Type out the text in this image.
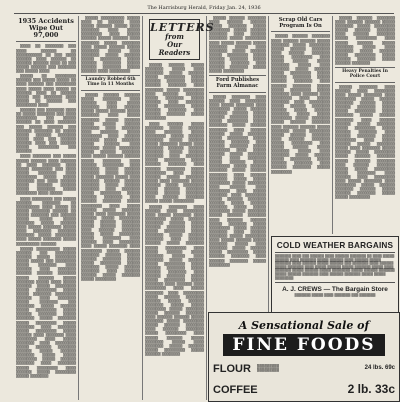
The Harrisburg Herald, Friday Jan. 24, 1936
1935 Accidents Wipe Out 97,000

▒▒▒▒ ▒▒ ▒▒▒▒▒▒▒ ▒▒▒ ▒▒▒▒ ▒▒▒▒▒▒ ▒▒ ▒▒▒▒▒▒▒▒▒▒ ▒▒ ▒▒▒ ▒▒▒▒ ▒▒▒▒▒▒ ▒▒▒▒ ▒▒▒▒▒▒ ▒▒ ▒▒▒▒▒▒ ▒▒▒▒▒▒ ▒▒▒▒ ▒▒ ▒▒▒ ▒▒▒▒▒ ▒▒▒▒▒▒ ▒▒▒ ▒▒▒▒▒▒▒ ▒▒▒ ▒▒▒▒▒ ▒▒▒▒

▒▒▒▒▒ ▒▒ ▒▒▒▒▒▒▒▒ ▒▒▒▒▒▒ ▒▒▒ ▒▒▒▒▒ ▒▒▒▒▒ ▒▒ ▒▒▒▒ ▒▒▒▒▒▒ ▒▒▒ ▒▒▒▒▒▒▒▒ ▒▒▒▒ ▒▒▒▒▒ ▒▒▒▒ ▒▒▒▒▒ ▒▒ ▒▒▒▒▒▒ ▒▒▒▒ ▒▒ ▒▒▒▒▒▒ ▒▒▒▒▒ ▒▒▒ ▒▒▒▒▒▒▒ ▒▒▒▒ ▒▒▒▒▒ ▒▒ ▒▒▒▒▒▒ ▒▒▒ ▒▒▒▒▒▒▒▒ ▒▒▒▒

▒▒▒▒▒▒ ▒▒▒ ▒▒▒▒▒▒▒ ▒▒▒▒ ▒▒ ▒▒▒▒▒ ▒▒▒▒▒▒▒ ▒▒▒ ▒▒▒▒ ▒▒▒▒▒▒▒▒ ▒▒▒ ▒▒▒▒▒ ▒▒▒▒▒▒ ▒▒ ▒▒▒▒ ▒▒▒▒▒▒▒ ▒▒▒ ▒▒▒▒▒ ▒▒▒▒▒▒ ▒▒▒ ▒▒▒▒▒▒ ▒▒▒▒▒▒▒ ▒▒ ▒▒▒▒▒ ▒▒▒▒▒ ▒▒▒▒▒▒ ▒▒▒▒▒▒▒ ▒▒▒▒▒ ▒▒▒▒ ▒▒▒ ▒▒▒▒▒▒ ▒▒▒▒▒▒ ▒▒▒▒ ▒▒▒ ▒▒▒▒▒▒ ▒▒▒▒▒ ▒▒▒▒▒▒▒▒ ▒▒▒ ▒▒▒▒▒▒

▒▒▒▒ ▒▒▒▒▒▒▒ ▒▒▒ ▒▒▒▒▒ ▒▒▒▒▒ ▒▒▒▒▒▒ ▒▒▒▒ ▒▒▒▒▒▒ ▒▒ ▒▒▒▒ ▒▒▒▒▒▒▒ ▒▒▒▒ ▒▒▒▒▒ ▒▒▒▒▒▒▒▒ ▒▒▒ ▒▒▒▒ ▒▒▒▒▒ ▒▒▒▒▒▒▒ ▒▒▒▒ ▒▒▒▒▒▒▒▒ ▒▒▒▒▒ ▒▒▒▒▒ ▒▒▒▒▒▒▒ ▒▒▒ ▒▒▒▒ ▒▒▒▒▒▒ ▒▒▒▒▒ ▒▒▒▒▒▒ ▒▒▒▒▒▒ ▒▒▒▒▒ ▒▒▒▒▒▒▒ ▒▒▒▒▒ ▒▒▒▒▒▒▒▒ ▒▒▒▒ ▒▒▒▒▒

▒▒▒▒ ▒▒▒▒▒▒▒▒ ▒▒▒ ▒▒▒▒▒ ▒▒▒▒▒▒ ▒▒▒▒▒▒▒ ▒▒ ▒▒▒▒▒▒▒▒▒ ▒▒▒▒ ▒▒▒▒▒ ▒▒ ▒▒▒▒▒ ▒▒▒▒▒▒▒ ▒▒▒▒▒▒ ▒▒ ▒▒▒▒▒ ▒▒▒▒▒▒▒ ▒▒▒ ▒▒▒▒▒▒ ▒▒▒▒▒ ▒▒▒▒▒ ▒▒▒▒▒ ▒▒▒▒▒▒▒ ▒▒▒▒▒ ▒▒▒▒▒▒ ▒▒▒▒ ▒▒▒▒▒ ▒▒▒▒▒▒▒ ▒▒▒▒▒ ▒▒▒▒ ▒▒▒▒▒▒▒ ▒▒▒▒▒▒▒ ▒▒▒▒▒▒▒ ▒▒▒▒▒ ▒▒▒▒▒▒▒▒ ▒▒▒▒ ▒▒▒▒▒ ▒▒▒▒▒▒▒ ▒▒▒▒▒ ▒▒▒▒▒▒▒▒▒ ▒▒▒▒▒▒

▒▒▒▒▒ ▒▒▒▒▒▒▒▒▒ ▒▒▒▒▒ ▒▒▒▒▒▒ ▒▒▒ ▒▒▒▒▒▒▒▒ ▒▒▒▒▒▒ ▒▒▒▒▒ ▒▒▒▒▒▒▒▒ ▒▒▒▒▒ ▒▒▒▒▒ ▒▒▒ ▒▒▒▒▒▒▒▒ ▒▒▒▒▒ ▒▒▒▒▒▒▒ ▒▒▒▒ ▒▒▒▒▒▒ ▒▒▒▒ ▒▒▒▒▒▒▒ ▒▒▒▒▒▒ ▒▒▒▒▒▒ ▒▒▒▒▒▒▒ ▒▒▒▒▒ ▒▒▒▒▒▒ ▒▒▒▒▒ ▒▒▒▒▒▒▒ ▒▒▒▒▒ ▒▒▒▒ ▒▒▒▒▒ ▒▒▒▒▒▒ ▒▒▒▒▒ ▒▒▒▒▒▒▒▒ ▒▒▒▒▒ ▒▒▒▒▒▒▒▒ ▒▒▒▒▒ ▒▒▒▒▒ ▒▒▒▒▒▒▒ ▒▒▒▒▒▒▒▒ ▒▒▒▒▒▒ ▒▒▒▒ ▒▒▒▒▒▒▒ ▒▒▒▒▒ ▒▒▒▒▒▒▒ ▒▒▒ ▒▒▒▒▒▒▒ ▒▒▒▒▒ ▒▒▒▒▒▒ ▒▒▒▒▒ ▒▒▒▒▒▒▒▒ ▒▒▒▒▒ ▒▒▒▒▒▒ ▒▒▒▒▒▒▒ ▒▒▒▒▒ ▒▒▒▒▒▒▒ ▒▒▒▒▒ ▒▒▒▒▒▒▒ ▒▒▒▒▒ ▒▒▒▒▒▒▒▒ ▒▒▒▒▒ ▒▒▒▒▒▒▒ ▒▒▒▒ ▒▒▒▒▒▒▒ ▒▒▒▒▒ ▒▒▒▒▒▒▒▒ ▒▒▒▒▒ ▒▒▒▒▒▒ ▒▒▒▒ ▒▒▒▒▒▒▒ ▒▒▒▒ ▒▒▒▒▒▒▒▒ ▒▒▒▒ ▒▒▒▒▒ ▒▒▒▒▒▒▒ ▒▒▒▒ ▒▒▒▒▒▒▒▒ ▒▒▒▒▒ ▒▒▒▒▒▒ ▒▒▒▒▒▒▒ ▒▒▒▒▒▒ ▒▒▒▒▒ ▒▒▒▒▒▒ ▒▒▒▒▒▒▒ ▒▒▒▒▒ ▒▒▒▒▒ ▒▒▒▒▒▒▒▒ ▒▒▒▒▒ ▒▒▒▒▒▒ ▒▒▒▒▒▒▒ ▒▒▒▒ ▒▒▒▒▒▒▒ ▒▒▒▒▒ ▒▒▒▒▒▒▒▒ ▒▒▒▒ ▒▒▒▒▒▒ ▒▒▒▒▒ ▒▒▒▒▒▒▒▒ ▒▒▒▒▒ ▒▒▒▒▒▒▒

▒▒▒▒▒ ▒▒▒▒▒▒▒▒▒ ▒▒▒▒▒ ▒▒▒▒ ▒▒ ▒▒▒▒▒▒ ▒▒▒▒ ▒▒▒▒▒ ▒▒▒▒▒▒ ▒▒▒▒▒ ▒▒▒▒ ▒▒▒▒▒▒▒ ▒▒▒▒ ▒▒▒▒▒ ▒▒▒▒▒▒▒▒ ▒▒▒▒ ▒▒▒▒▒ ▒▒▒▒▒▒ ▒▒▒▒▒ ▒▒▒▒▒▒ ▒▒▒▒ ▒▒▒▒▒▒▒ ▒▒▒▒▒ ▒▒▒▒▒▒▒ ▒▒▒▒ ▒▒▒▒▒ ▒▒▒▒▒▒ ▒▒▒▒▒ ▒▒▒▒▒▒▒ ▒▒▒▒▒ ▒▒▒▒ ▒▒▒▒▒▒▒ ▒▒▒▒▒ ▒▒▒▒▒▒ ▒▒▒▒▒ ▒▒▒▒▒▒▒▒ ▒▒▒▒▒ ▒▒▒▒▒▒ ▒▒▒▒▒▒▒ ▒▒▒▒▒ ▒▒▒▒▒▒ ▒▒▒▒▒▒▒ ▒▒▒▒▒ ▒▒▒▒▒▒ ▒▒▒▒ ▒▒▒▒▒▒▒▒

Laundry Robbed 6th Time In 11 Months

▒▒▒▒▒ ▒▒▒▒▒▒ ▒▒▒▒▒▒ ▒▒▒▒▒ ▒▒▒▒▒▒▒ ▒▒▒▒ ▒▒▒▒▒▒ ▒▒▒▒ ▒▒▒▒▒ ▒▒▒▒▒▒▒ ▒▒▒▒ ▒▒▒▒▒▒ ▒▒▒▒▒ ▒▒▒▒▒ ▒▒▒▒▒▒ ▒▒▒▒▒ ▒▒▒▒▒▒▒ ▒▒▒▒ ▒▒▒▒▒ ▒▒▒▒▒▒▒ ▒▒▒▒▒ ▒▒▒▒▒▒ ▒▒▒▒▒ ▒▒▒▒▒ ▒▒▒▒▒▒ ▒▒▒▒▒▒▒ ▒▒▒▒ ▒▒▒▒▒▒▒ ▒▒▒▒ ▒▒▒▒▒▒▒ ▒▒▒▒▒ ▒▒▒▒▒▒▒▒ ▒▒▒▒ ▒▒▒▒▒▒ ▒▒▒▒▒▒▒ ▒▒▒▒▒ ▒▒▒▒▒▒▒ ▒▒▒▒▒ ▒▒▒▒▒▒ ▒▒▒▒ ▒▒▒▒▒▒▒ ▒▒▒▒▒ ▒▒▒▒▒▒▒▒ ▒▒▒▒▒ ▒▒▒▒▒▒ ▒▒▒▒▒▒▒ ▒▒▒▒ ▒▒▒▒▒ ▒▒▒▒▒▒ ▒▒▒▒▒▒ ▒▒▒▒▒ ▒▒▒▒▒▒▒ ▒▒▒▒ ▒▒▒▒▒▒ ▒▒▒▒▒▒▒▒ ▒▒▒▒ ▒▒▒▒▒▒▒ ▒▒▒▒▒ ▒▒▒▒▒▒ ▒▒▒▒▒▒▒ ▒▒▒▒▒ ▒▒▒▒▒▒ ▒▒▒▒▒ ▒▒▒▒▒▒▒ ▒▒▒▒▒ ▒▒▒▒ ▒▒▒▒▒▒▒ ▒▒▒▒▒▒ ▒▒▒▒▒▒ ▒▒▒▒▒▒▒ ▒▒▒▒▒ ▒▒▒▒▒▒ ▒▒▒▒▒▒▒ ▒▒▒▒ ▒▒▒▒▒▒▒ ▒▒▒▒▒ ▒▒▒▒▒▒▒▒ ▒▒▒▒▒ ▒▒▒▒▒▒ ▒▒▒▒▒▒▒ ▒▒▒▒ ▒▒▒▒▒▒ ▒▒▒▒▒▒▒ ▒▒▒▒▒ ▒▒▒▒▒▒▒▒ ▒▒▒▒ ▒▒▒▒▒ ▒▒▒▒▒▒ ▒▒▒▒▒ ▒▒▒▒▒▒▒ ▒▒▒▒▒ ▒▒▒▒ ▒▒▒▒▒▒▒ ▒▒▒▒▒ ▒▒▒▒▒▒ ▒▒▒▒▒ ▒▒▒▒▒▒▒▒ ▒▒▒▒▒ ▒▒▒▒▒▒ ▒▒▒▒▒▒▒ ▒▒▒▒▒ ▒▒▒▒▒▒ ▒▒▒▒▒▒▒ ▒▒▒▒ ▒▒▒▒▒▒ ▒▒▒▒▒▒▒ ▒▒▒▒▒ ▒▒▒▒▒ ▒▒▒▒▒▒▒▒ ▒▒▒▒▒ ▒▒▒▒▒▒▒ ▒▒▒▒ ▒▒▒▒▒▒ ▒▒▒▒ ▒▒▒▒▒▒▒▒ ▒▒▒▒ ▒▒▒▒▒ ▒▒▒▒▒▒▒ ▒▒▒▒ ▒▒▒▒▒▒▒▒ ▒▒▒▒▒ ▒▒▒▒▒▒ ▒▒▒▒▒▒▒ ▒▒▒▒▒▒ ▒▒▒▒▒ ▒▒▒▒▒▒ ▒▒▒▒▒▒▒ ▒▒▒▒▒ ▒▒▒▒▒ ▒▒▒▒▒▒▒▒ ▒▒▒▒▒ ▒▒▒▒▒▒▒ ▒▒▒▒▒ ▒▒▒▒▒▒ ▒▒▒▒▒▒▒ ▒▒▒▒ ▒▒▒▒▒▒ ▒▒▒▒▒▒ ▒▒▒▒▒ ▒▒▒▒▒▒▒ ▒▒▒▒▒ ▒▒▒▒▒▒▒▒

LETTERS
from
Our Readers

▒▒▒▒▒ ▒▒▒▒▒▒ ▒▒▒▒▒ ▒▒▒▒▒▒▒ ▒▒▒▒▒ ▒▒▒▒ ▒▒▒▒▒▒▒ ▒▒▒▒▒ ▒▒▒▒▒▒ ▒▒▒▒▒ ▒▒▒▒▒▒▒▒ ▒▒▒▒▒ ▒▒▒▒▒▒ ▒▒▒▒▒▒▒ ▒▒▒▒▒ ▒▒▒▒▒▒ ▒▒▒▒▒▒▒ ▒▒▒▒ ▒▒▒▒▒▒▒ ▒▒▒▒▒ ▒▒▒▒▒▒▒▒ ▒▒▒▒ ▒▒▒▒▒▒ ▒▒▒▒▒▒▒ ▒▒▒▒▒ ▒▒▒▒▒▒▒ ▒▒▒▒▒ ▒▒▒▒▒▒ ▒▒▒▒ ▒▒▒▒▒▒▒ ▒▒▒▒▒ ▒▒▒▒▒▒▒▒ ▒▒▒▒▒ ▒▒▒▒▒▒ ▒▒▒▒▒▒▒ ▒▒▒▒ ▒▒▒▒▒▒ ▒▒▒▒▒▒▒ ▒▒▒▒▒ ▒▒▒▒▒▒▒▒

▒▒▒▒ ▒▒▒▒▒▒ ▒▒▒▒▒ ▒▒▒▒▒▒▒ ▒▒▒▒▒ ▒▒▒▒▒▒ ▒▒▒▒ ▒▒▒▒▒▒▒ ▒▒▒▒▒ ▒▒▒▒▒▒▒▒ ▒▒▒▒▒ ▒▒▒▒▒▒ ▒▒▒▒▒▒▒ ▒▒▒▒▒ ▒▒▒▒▒▒ ▒▒▒▒▒ ▒▒▒▒▒▒▒ ▒▒▒▒▒ ▒▒▒▒ ▒▒▒▒▒▒▒ ▒▒▒▒▒▒ ▒▒▒▒▒▒ ▒▒▒▒▒▒▒ ▒▒▒▒▒ ▒▒▒▒▒▒ ▒▒▒▒▒▒▒ ▒▒▒▒ ▒▒▒▒▒▒▒ ▒▒▒▒▒ ▒▒▒▒▒▒▒▒ ▒▒▒▒▒ ▒▒▒▒▒▒ ▒▒▒▒▒▒▒ ▒▒▒▒ ▒▒▒▒▒▒ ▒▒▒▒▒▒▒ ▒▒▒▒▒ ▒▒▒▒▒▒▒▒ ▒▒▒▒ ▒▒▒▒▒ ▒▒▒▒▒▒ ▒▒▒▒▒ ▒▒▒▒▒▒▒ ▒▒▒▒▒ ▒▒▒▒ ▒▒▒▒▒▒▒ ▒▒▒▒▒ ▒▒▒▒▒▒ ▒▒▒▒▒ ▒▒▒▒▒▒▒▒ ▒▒▒▒▒ ▒▒▒▒▒▒ ▒▒▒▒▒▒▒ ▒▒▒▒▒ ▒▒▒▒▒▒ ▒▒▒▒▒▒▒ ▒▒▒▒ ▒▒▒▒▒▒ ▒▒▒▒▒▒▒ ▒▒▒▒▒ ▒▒▒▒▒ ▒▒▒▒▒▒▒▒

▒▒▒▒▒ ▒▒▒▒▒▒▒ ▒▒▒▒ ▒▒▒▒▒▒ ▒▒▒▒ ▒▒▒▒▒▒▒▒ ▒▒▒▒ ▒▒▒▒▒ ▒▒▒▒▒▒▒ ▒▒▒▒ ▒▒▒▒▒▒▒▒ ▒▒▒▒▒ ▒▒▒▒▒▒ ▒▒▒▒▒▒▒ ▒▒▒▒▒▒ ▒▒▒▒▒ ▒▒▒▒▒▒ ▒▒▒▒▒▒▒ ▒▒▒▒▒ ▒▒▒▒▒ ▒▒▒▒▒▒▒▒ ▒▒▒▒▒ ▒▒▒▒▒▒▒ ▒▒▒▒▒ ▒▒▒▒▒▒ ▒▒▒▒▒▒▒ ▒▒▒▒ ▒▒▒▒▒▒ ▒▒▒▒▒▒ ▒▒▒▒▒ ▒▒▒▒▒▒▒ ▒▒▒▒▒ ▒▒▒▒▒▒▒▒ ▒▒▒▒ ▒▒▒▒▒ ▒▒▒▒▒▒ ▒▒▒▒▒ ▒▒▒▒▒▒▒ ▒▒▒▒▒ ▒▒▒▒ ▒▒▒▒▒▒▒ ▒▒▒▒▒ ▒▒▒▒▒▒ ▒▒▒▒▒ ▒▒▒▒▒▒▒▒ ▒▒▒▒▒ ▒▒▒▒▒▒ ▒▒▒▒▒▒▒ ▒▒▒▒▒ ▒▒▒▒▒▒ ▒▒▒▒▒▒▒ ▒▒▒▒ ▒▒▒▒▒▒ ▒▒▒▒▒▒▒ ▒▒▒▒▒ ▒▒▒▒▒ ▒▒▒▒▒▒▒▒ ▒▒▒▒▒ ▒▒▒▒▒▒▒ ▒▒▒▒ ▒▒▒▒▒▒ ▒▒▒▒ ▒▒▒▒▒▒▒▒ ▒▒▒▒ ▒▒▒▒▒ ▒▒▒▒▒▒▒ ▒▒▒▒ ▒▒▒▒▒▒▒▒ ▒▒▒▒▒ ▒▒▒▒▒▒ ▒▒▒▒▒▒▒ ▒▒▒▒▒▒ ▒▒▒▒▒ ▒▒▒▒▒▒ ▒▒▒▒▒▒▒ ▒▒▒▒▒ ▒▒▒▒▒ ▒▒▒▒▒▒▒▒ ▒▒▒▒▒ ▒▒▒▒▒▒▒ ▒▒▒▒▒ ▒▒▒▒▒▒ ▒▒▒▒▒▒▒ ▒▒▒▒ ▒▒▒▒▒▒ ▒▒▒▒▒▒ ▒▒▒▒▒ ▒▒▒▒▒▒▒ ▒▒▒▒▒ ▒▒▒▒▒▒▒▒ ▒▒▒▒▒ ▒▒▒▒▒▒ ▒▒▒▒▒▒▒ ▒▒▒▒ ▒▒▒▒▒▒ ▒▒▒▒▒▒▒ ▒▒▒▒▒ ▒▒▒▒▒▒▒▒ ▒▒▒▒ ▒▒▒▒▒ ▒▒▒▒▒▒ ▒▒▒▒▒ ▒▒▒▒▒▒▒ ▒▒▒▒▒ ▒▒▒▒ ▒▒▒▒▒▒▒ ▒▒▒▒▒ ▒▒▒▒▒▒ ▒▒▒▒▒ ▒▒▒▒▒▒▒▒ ▒▒▒▒▒ ▒▒▒▒▒▒ ▒▒▒▒▒▒▒

▒▒▒▒▒ ▒▒▒▒▒▒ ▒▒▒▒▒▒▒ ▒▒▒▒ ▒▒▒▒▒▒ ▒▒▒▒▒▒ ▒▒▒▒▒ ▒▒▒▒▒▒▒ ▒▒▒▒▒ ▒▒▒▒▒▒▒▒ ▒▒▒▒▒ ▒▒▒▒▒▒ ▒▒▒▒▒▒▒ ▒▒▒▒ ▒▒▒▒▒▒ ▒▒▒▒▒▒▒ ▒▒▒▒▒ ▒▒▒▒▒▒▒▒ ▒▒▒▒ ▒▒▒▒▒ ▒▒▒▒▒▒ ▒▒▒▒▒ ▒▒▒▒▒▒▒ ▒▒▒▒▒ ▒▒▒▒ ▒▒▒▒▒▒▒ ▒▒▒▒▒ ▒▒▒▒▒▒ ▒▒▒▒▒ ▒▒▒▒▒▒▒▒ ▒▒▒▒▒ ▒▒▒▒▒▒ ▒▒▒▒▒▒▒ ▒▒▒▒▒ ▒▒▒▒▒▒ ▒▒▒▒▒▒▒ ▒▒▒▒ ▒▒▒▒▒▒ ▒▒▒▒▒▒▒ ▒▒▒▒▒ ▒▒▒▒▒ ▒▒▒▒▒▒▒▒

Ford Publishes Farm Almanac

▒▒▒▒▒ ▒▒▒▒▒▒▒ ▒▒▒▒ ▒▒▒▒▒▒ ▒▒▒▒ ▒▒▒▒▒▒▒▒ ▒▒▒▒ ▒▒▒▒▒ ▒▒▒▒▒▒▒ ▒▒▒▒ ▒▒▒▒▒▒▒▒ ▒▒▒▒▒ ▒▒▒▒▒▒ ▒▒▒▒▒▒▒ ▒▒▒▒▒▒ ▒▒▒▒▒ ▒▒▒▒▒▒ ▒▒▒▒▒▒▒ ▒▒▒▒▒ ▒▒▒▒▒ ▒▒▒▒▒▒▒▒ ▒▒▒▒▒ ▒▒▒▒▒▒▒ ▒▒▒▒▒ ▒▒▒▒▒▒ ▒▒▒▒▒▒▒ ▒▒▒▒ ▒▒▒▒▒▒ ▒▒▒▒▒▒ ▒▒▒▒▒ ▒▒▒▒▒▒▒ ▒▒▒▒▒ ▒▒▒▒▒▒▒▒ ▒▒▒▒▒ ▒▒▒▒▒▒ ▒▒▒▒▒▒▒ ▒▒▒▒ ▒▒▒▒▒▒ ▒▒▒▒▒▒▒ ▒▒▒▒▒ ▒▒▒▒▒▒▒▒ ▒▒▒▒ ▒▒▒▒▒ ▒▒▒▒▒▒ ▒▒▒▒▒ ▒▒▒▒▒▒▒ ▒▒▒▒▒ ▒▒▒▒ ▒▒▒▒▒▒▒ ▒▒▒▒▒ ▒▒▒▒▒▒ ▒▒▒▒▒ ▒▒▒▒▒▒▒▒ ▒▒▒▒▒ ▒▒▒▒▒▒ ▒▒▒▒▒▒▒ ▒▒▒▒▒ ▒▒▒▒▒▒ ▒▒▒▒▒▒▒ ▒▒▒▒ ▒▒▒▒▒▒ ▒▒▒▒▒▒▒ ▒▒▒▒▒ ▒▒▒▒▒ ▒▒▒▒▒▒▒▒ ▒▒▒▒▒ ▒▒▒▒▒▒▒ ▒▒▒▒ ▒▒▒▒▒▒ ▒▒▒▒ ▒▒▒▒▒▒▒▒ ▒▒▒▒ ▒▒▒▒▒ ▒▒▒▒▒▒▒ ▒▒▒▒ ▒▒▒▒▒▒▒▒ ▒▒▒▒▒ ▒▒▒▒▒▒ ▒▒▒▒▒▒▒ ▒▒▒▒▒▒ ▒▒▒▒▒ ▒▒▒▒▒▒ ▒▒▒▒▒▒▒ ▒▒▒▒▒ ▒▒▒▒▒ ▒▒▒▒▒▒▒▒ ▒▒▒▒▒ ▒▒▒▒▒▒▒ ▒▒▒▒▒ ▒▒▒▒▒▒ ▒▒▒▒▒▒▒ ▒▒▒▒ ▒▒▒▒▒▒ ▒▒▒▒▒▒ ▒▒▒▒▒ ▒▒▒▒▒▒▒ ▒▒▒▒▒ ▒▒▒▒▒▒▒▒ ▒▒▒▒▒ ▒▒▒▒▒▒ ▒▒▒▒▒▒▒ ▒▒▒▒ ▒▒▒▒▒▒ ▒▒▒▒▒▒▒ ▒▒▒▒▒ ▒▒▒▒▒▒▒▒ ▒▒▒▒ ▒▒▒▒▒ ▒▒▒▒▒▒ ▒▒▒▒▒ ▒▒▒▒▒▒▒ ▒▒▒▒▒ ▒▒▒▒ ▒▒▒▒▒▒▒ ▒▒▒▒▒ ▒▒▒▒▒▒ ▒▒▒▒▒ ▒▒▒▒▒▒▒▒ ▒▒▒▒▒ ▒▒▒▒▒▒ ▒▒▒▒▒▒▒ ▒▒▒▒ ▒▒▒▒▒▒ ▒▒▒▒▒▒▒ ▒▒▒▒▒ ▒▒▒▒▒▒▒▒

Scrap Old Cars Program Is On

▒▒▒▒▒ ▒▒▒▒▒▒ ▒▒▒▒▒▒▒ ▒▒▒▒ ▒▒▒▒▒▒ ▒▒▒▒▒▒ ▒▒▒▒▒ ▒▒▒▒▒▒▒ ▒▒▒▒▒ ▒▒▒▒▒▒▒▒ ▒▒▒▒▒ ▒▒▒▒▒▒ ▒▒▒▒▒▒▒ ▒▒▒▒ ▒▒▒▒▒▒ ▒▒▒▒▒▒▒ ▒▒▒▒▒ ▒▒▒▒▒▒▒▒ ▒▒▒▒ ▒▒▒▒▒ ▒▒▒▒▒▒ ▒▒▒▒▒ ▒▒▒▒▒▒▒ ▒▒▒▒▒ ▒▒▒▒ ▒▒▒▒▒▒▒ ▒▒▒▒▒ ▒▒▒▒▒▒ ▒▒▒▒▒ ▒▒▒▒▒▒▒▒ ▒▒▒▒▒ ▒▒▒▒▒▒ ▒▒▒▒▒▒▒ ▒▒▒▒▒ ▒▒▒▒▒▒ ▒▒▒▒▒▒▒ ▒▒▒▒ ▒▒▒▒▒▒ ▒▒▒▒▒▒▒ ▒▒▒▒▒ ▒▒▒▒▒ ▒▒▒▒▒▒▒▒ ▒▒▒▒▒ ▒▒▒▒▒▒▒ ▒▒▒▒ ▒▒▒▒▒▒ ▒▒▒▒ ▒▒▒▒▒▒▒▒ ▒▒▒▒ ▒▒▒▒▒ ▒▒▒▒▒▒▒ ▒▒▒▒ ▒▒▒▒▒▒▒▒ ▒▒▒▒▒ ▒▒▒▒▒▒ ▒▒▒▒▒▒▒ ▒▒▒▒▒▒ ▒▒▒▒▒ ▒▒▒▒▒▒ ▒▒▒▒▒▒▒ ▒▒▒▒▒ ▒▒▒▒▒ ▒▒▒▒▒▒▒▒ ▒▒▒▒▒ ▒▒▒▒▒▒▒ ▒▒▒▒▒ ▒▒▒▒▒▒ ▒▒▒▒▒▒▒ ▒▒▒▒ ▒▒▒▒▒▒ ▒▒▒▒▒▒ ▒▒▒▒▒ ▒▒▒▒▒▒▒ ▒▒▒▒▒ ▒▒▒▒▒▒▒▒ ▒▒▒▒▒ ▒▒▒▒▒▒ ▒▒▒▒▒▒▒ ▒▒▒▒ ▒▒▒▒▒▒ ▒▒▒▒▒▒▒ ▒▒▒▒▒ ▒▒▒▒▒▒▒▒ ▒▒▒▒ ▒▒▒▒▒ ▒▒▒▒▒▒ ▒▒▒▒▒ ▒▒▒▒▒▒▒ ▒▒▒▒▒ ▒▒▒▒ ▒▒▒▒▒▒▒ ▒▒▒▒▒ ▒▒▒▒▒▒ ▒▒▒▒▒ ▒▒▒▒▒▒▒▒ ▒▒▒▒▒ ▒▒▒▒▒▒ ▒▒▒▒▒▒▒ ▒▒▒▒ ▒▒▒▒▒▒ ▒▒▒▒▒▒▒ ▒▒▒▒▒ ▒▒▒▒▒▒▒▒

▒▒▒▒▒ ▒▒▒▒▒▒ ▒▒▒▒▒▒▒ ▒▒▒▒ ▒▒▒▒▒▒ ▒▒▒▒▒▒ ▒▒▒▒▒ ▒▒▒▒▒▒▒ ▒▒▒▒▒ ▒▒▒▒▒▒▒▒ ▒▒▒▒▒ ▒▒▒▒▒▒ ▒▒▒▒▒▒▒ ▒▒▒▒ ▒▒▒▒▒▒ ▒▒▒▒▒▒▒ ▒▒▒▒▒ ▒▒▒▒▒▒▒▒ ▒▒▒▒ ▒▒▒▒▒ ▒▒▒▒▒▒ ▒▒▒▒▒ ▒▒▒▒▒▒▒ ▒▒▒▒▒ ▒▒▒▒ ▒▒▒▒▒▒▒ ▒▒▒▒▒ ▒▒▒▒▒▒ ▒▒▒▒▒ ▒▒▒▒▒▒▒▒ ▒▒▒▒▒ ▒▒▒▒▒▒ ▒▒▒▒▒▒▒ ▒▒▒▒▒ ▒▒▒▒▒▒ ▒▒▒▒▒▒▒

Heavy Penalties In Police Court

▒▒▒▒▒ ▒▒▒▒▒▒▒ ▒▒▒▒ ▒▒▒▒▒▒ ▒▒▒▒ ▒▒▒▒▒▒▒▒ ▒▒▒▒ ▒▒▒▒▒ ▒▒▒▒▒▒▒ ▒▒▒▒ ▒▒▒▒▒▒▒▒ ▒▒▒▒▒ ▒▒▒▒▒▒ ▒▒▒▒▒▒▒ ▒▒▒▒▒▒ ▒▒▒▒▒ ▒▒▒▒▒▒ ▒▒▒▒▒▒▒ ▒▒▒▒▒ ▒▒▒▒▒ ▒▒▒▒▒▒▒▒ ▒▒▒▒▒ ▒▒▒▒▒▒▒ ▒▒▒▒▒ ▒▒▒▒▒▒ ▒▒▒▒▒▒▒ ▒▒▒▒ ▒▒▒▒▒▒ ▒▒▒▒▒▒ ▒▒▒▒▒ ▒▒▒▒▒▒▒ ▒▒▒▒▒ ▒▒▒▒▒▒▒▒ ▒▒▒▒▒ ▒▒▒▒▒▒ ▒▒▒▒▒▒▒ ▒▒▒▒ ▒▒▒▒▒▒ ▒▒▒▒▒▒▒ ▒▒▒▒▒ ▒▒▒▒▒▒▒▒ ▒▒▒▒ ▒▒▒▒▒ ▒▒▒▒▒▒ ▒▒▒▒▒ ▒▒▒▒▒▒▒ ▒▒▒▒▒ ▒▒▒▒ ▒▒▒▒▒▒▒ ▒▒▒▒▒ ▒▒▒▒▒▒ ▒▒▒▒▒ ▒▒▒▒▒▒▒▒ ▒▒▒▒▒ ▒▒▒▒▒▒ ▒▒▒▒▒▒▒ ▒▒▒▒▒ ▒▒▒▒▒▒ ▒▒▒▒▒▒▒ ▒▒▒▒ ▒▒▒▒▒▒ ▒▒▒▒▒▒▒ ▒▒▒▒▒ ▒▒▒▒▒ ▒▒▒▒▒▒▒▒ ▒▒▒▒▒ ▒▒▒▒▒▒▒ ▒▒▒▒ ▒▒▒▒▒▒ ▒▒▒▒ ▒▒▒▒▒▒▒▒ ▒▒▒▒ ▒▒▒▒▒ ▒▒▒▒▒▒▒ ▒▒▒▒ ▒▒▒▒▒▒▒▒ ▒▒▒▒▒ ▒▒▒▒▒▒ ▒▒▒▒▒▒▒ ▒▒▒▒▒▒ ▒▒▒▒▒ ▒▒▒▒▒▒ ▒▒▒▒▒▒▒ ▒▒▒▒▒ ▒▒▒▒▒ ▒▒▒▒▒▒▒▒

COLD WEATHER BARGAINS
▒▒▒▒▒▒▒ ▒▒▒▒ ▒▒▒ ▒▒▒▒▒▒ ▒▒▒▒ ▒▒▒▒▒▒ ▒▒▒▒▒▒▒ ▒▒ ▒▒▒▒ ▒▒▒▒▒ ▒▒▒▒▒▒ ▒▒▒▒ ▒▒▒▒▒▒▒ ▒▒▒▒▒ ▒▒▒▒▒▒ ▒▒▒▒ ▒▒▒▒▒▒ ▒▒▒▒▒ ▒▒▒▒▒▒▒ ▒▒▒▒ ▒▒▒▒▒▒ ▒▒▒▒▒ ▒▒▒▒▒▒ ▒▒▒ ▒▒▒▒▒▒▒ ▒▒▒▒ ▒▒▒▒▒▒ ▒▒▒▒▒ ▒▒▒▒▒▒▒ ▒▒▒▒ ▒▒▒▒▒ ▒▒▒▒▒▒ ▒▒▒▒▒ ▒▒▒▒▒▒▒ ▒▒▒▒▒ ▒▒▒▒ ▒▒▒▒▒▒▒ ▒▒▒▒▒ ▒▒▒▒▒▒ ▒▒▒▒▒ ▒▒▒▒▒▒▒▒ ▒▒▒▒▒ ▒▒▒▒▒▒ ▒▒▒▒▒▒▒ ▒▒▒▒▒ ▒▒▒▒▒▒ ▒▒▒▒▒▒▒ ▒▒▒▒ ▒▒▒▒▒▒ ▒▒▒▒▒▒▒ ▒▒▒▒▒ ▒▒▒▒▒ ▒▒▒▒▒▒▒▒
A. J. CREWS — The Bargain Store
▒▒▒▒▒▒▒ ▒▒▒▒▒ ▒▒▒▒ ▒▒▒▒▒▒▒ ▒▒▒ ▒▒▒▒▒▒▒
A Sensational Sale of
FINE FOODS
FLOUR ▒▒▒▒▒▒▒▒▒
▒▒▒▒▒▒▒▒▒	24 lbs. 69c
COFFEE	2 lb. 33c
